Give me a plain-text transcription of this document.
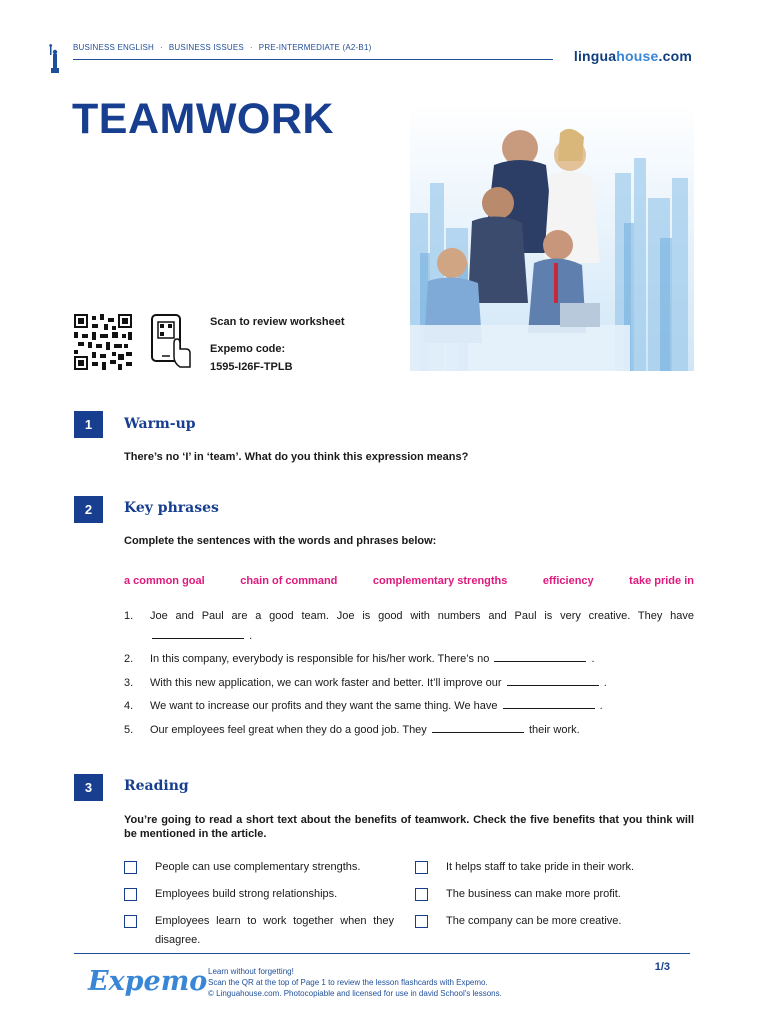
BUSINESS ENGLISH · BUSINESS ISSUES · PRE-INTERMEDIATE (A2-B1)
linguahouse.com
TEAMWORK
Scan to review worksheet
Expemo code:
1595-I26F-TPLB
1	Warm-up
There’s no ‘I’ in ‘team’. What do you think this expression means?
2	Key phrases
Complete the sentences with the words and phrases below:
a common goal	chain of command	complementary strengths	efficiency	take pride in
1. Joe and Paul are a good team. Joe is good with numbers and Paul is very creative. They have  .
2. In this company, everybody is responsible for his/her work. There’s no	.
3. With this new application, we can work faster and better. It’ll improve our	.
4. We want to increase our profits and they want the same thing. We have	.
5. Our employees feel great when they do a good job. They	their work.
3	Reading
You’re going to read a short text about the benefits of teamwork. Check the five benefits that you think will be mentioned in the article.
People can use complementary strengths.
Employees build strong relationships.
Employees learn to work together when they disagree.
It helps staff to take pride in their work.
The business can make more profit.
The company can be more creative.
Expemo Learn without forgetting!
Scan the QR at the top of Page 1 to review the lesson flashcards with Expemo.
© Linguahouse.com. Photocopiable and licensed for use in david School's lessons.
1/3
